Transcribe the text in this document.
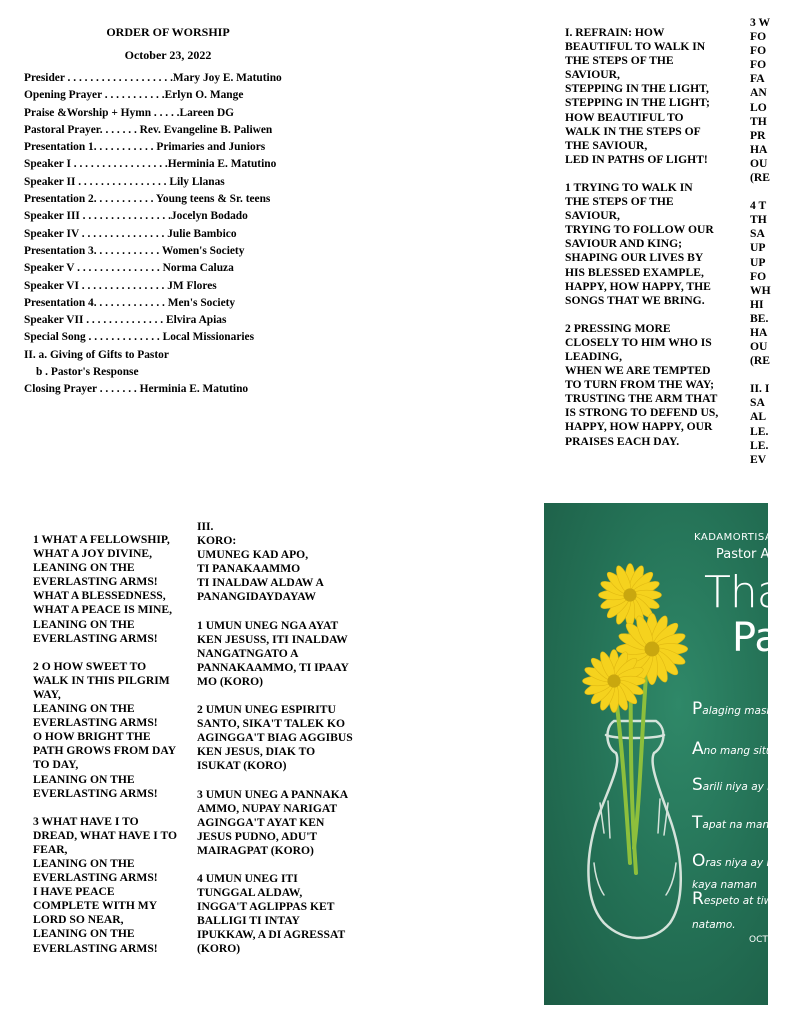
ORDER OF WORSHIP

October 23, 2022

Presider . . . . . . . . . . . . . . . . . . .Mary Joy E. Matutino
Opening Prayer . . . . . . . . . . .Erlyn O. Mange
Praise &Worship + Hymn . . . . .Lareen DG
Pastoral Prayer. . . . . . . Rev. Evangeline B. Paliwen
Presentation 1. . . . . . . . . . . Primaries and Juniors
Speaker I . . . . . . . . . . . . . . . . .Herminia E. Matutino
Speaker II . . . . . . . . . . . . . . . . Lily Llanas
Presentation 2. . . . . . . . . . . Young teens & Sr. teens
Speaker III . . . . . . . . . . . . . . . .Jocelyn Bodado
Speaker IV . . . . . . . . . . . . . . . Julie Bambico
Presentation 3. . . . . . . . . . . . Women's Society
Speaker V . . . . . . . . . . . . . . . Norma Caluza
Speaker VI . . . . . . . . . . . . . . . JM Flores
Presentation 4. . . . . . . . . . . . . Men's Society
Speaker VII . . . . . . . . . . . . . . Elvira Apias
Special Song . . . . . . . . . . . . . Local Missionaries
II. a. Giving of Gifts to Pastor
b . Pastor's Response
Closing Prayer . . . . . . . Herminia E. Matutino

I. REFRAIN: HOW
BEAUTIFUL TO WALK IN
THE STEPS OF THE
SAVIOUR,
STEPPING IN THE LIGHT,
STEPPING IN THE LIGHT;
HOW BEAUTIFUL TO
WALK IN THE STEPS OF
THE SAVIOUR,
LED IN PATHS OF LIGHT!

1 TRYING TO WALK IN
THE STEPS OF THE
SAVIOUR,
TRYING TO FOLLOW OUR
SAVIOUR AND KING;
SHAPING OUR LIVES BY
HIS BLESSED EXAMPLE,
HAPPY, HOW HAPPY, THE
SONGS THAT WE BRING.

2 PRESSING MORE
CLOSELY TO HIM WHO IS
LEADING,
WHEN WE ARE TEMPTED
TO TURN FROM THE WAY;
TRUSTING THE ARM THAT
IS STRONG TO DEFEND US,
HAPPY, HOW HAPPY, OUR
PRAISES EACH DAY.

3 W
FO
FO
FO
FA
AN
LO
TH
PR
HA
OU
(RE

4 T
TH
SA
UP
UP
FO
WH
HI
BE.
HA
OU
(RE

II. I
SA
AL
LE.
LE.
EV

1 WHAT A FELLOWSHIP,
WHAT A JOY DIVINE,
LEANING ON THE
EVERLASTING ARMS!
WHAT A BLESSEDNESS,
WHAT A PEACE IS MINE,
LEANING ON THE
EVERLASTING ARMS!

2 O HOW SWEET TO
WALK IN THIS PILGRIM
WAY,
LEANING ON THE
EVERLASTING ARMS!
O HOW BRIGHT THE
PATH GROWS FROM DAY
TO DAY,
LEANING ON THE
EVERLASTING ARMS!

3 WHAT HAVE I TO
DREAD, WHAT HAVE I TO
FEAR,
LEANING ON THE
EVERLASTING ARMS!
I HAVE PEACE
COMPLETE WITH MY
LORD SO NEAR,
LEANING ON THE
EVERLASTING ARMS!

III.
KORO:
UMUNEG KAD APO,
TI PANAKAAMMO
TI INALDAW ALDAW A
PANANGIDAYDAYAW

1 UMUN UNEG NGA AYAT
KEN JESUSS, ITI INALDAW
NANGATNGATO A
PANNAKAAMMO, TI IPAAY
MO (KORO)

2 UMUN UNEG ESPIRITU
SANTO, SIKA'T TALEK KO
AGINGGA'T BIAG AGGIBUS
KEN JESUS, DIAK TO
ISUKAT (KORO)

3 UMUN UNEG A PANNAKA
AMMO, NUPAY NARIGAT
AGINGGA'T AYAT KEN
JESUS PUDNO, ADU'T
MAIRAGPAT (KORO)

4 UMUN UNEG ITI
TUNGGAL ALDAW,
INGGA'T AGLIPPAS KET
BALLIGI TI INTAY
IPUKKAW, A DI AGRESSAT
(KORO)

KADAMORTISA
Pastor A
Tha
Pa
Palaging masig
Ano mang situa
Sarili niya ay h
Tapat na mang
Oras niya ay nil
kaya naman
Respeto at tiwa
natamo.
OCT
